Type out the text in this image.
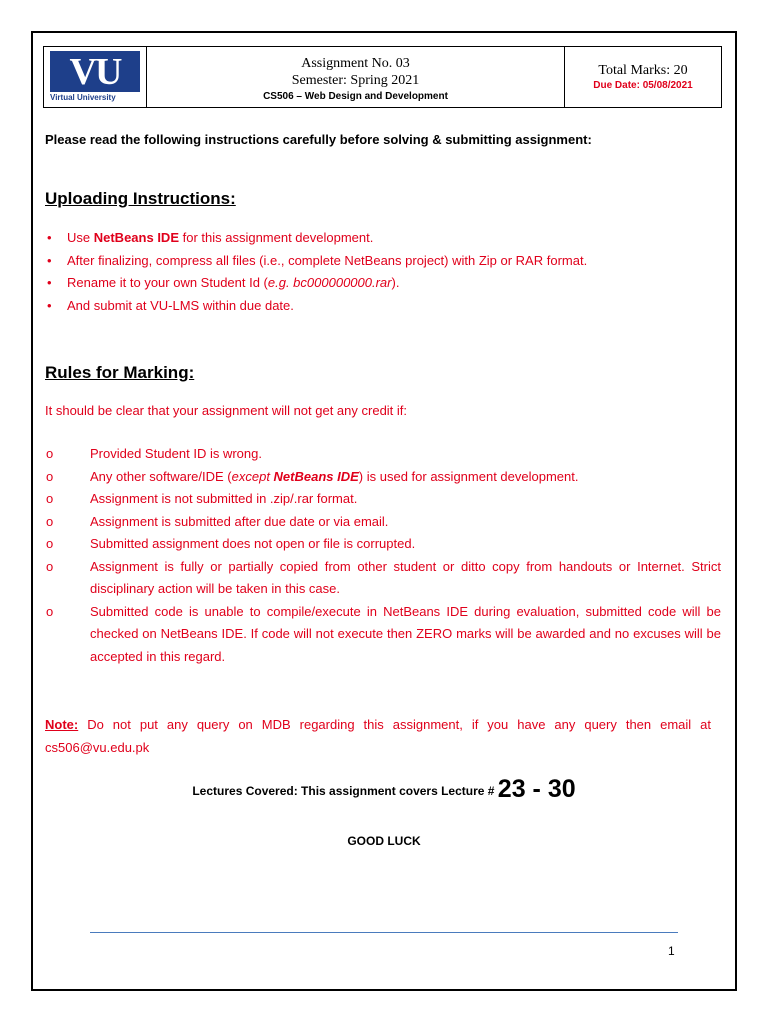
VU
Virtual University
Assignment No. 03
Semester: Spring 2021
CS506 – Web Design and Development
Total Marks: 20
Due Date: 05/08/2021
Please read the following instructions carefully before solving & submitting assignment:
Uploading Instructions:
• Use NetBeans IDE for this assignment development.
• After finalizing, compress all files (i.e., complete NetBeans project) with Zip or RAR format.
• Rename it to your own Student Id (e.g. bc000000000.rar).
• And submit at VU-LMS within due date.
Rules for Marking:
It should be clear that your assignment will not get any credit if:
o	Provided Student ID is wrong.
o	Any other software/IDE (except NetBeans IDE) is used for assignment development.
o	Assignment is not submitted in .zip/.rar format.
o	Assignment is submitted after due date or via email.
o	Submitted assignment does not open or file is corrupted.
o	Assignment is fully or partially copied from other student or ditto copy from handouts or Internet. Strict disciplinary action will be taken in this case.
o	Submitted code is unable to compile/execute in NetBeans IDE during evaluation, submitted code will be checked on NetBeans IDE. If code will not execute then ZERO marks will be awarded and no excuses will be accepted in this regard.
Note: Do not put any query on MDB regarding this assignment, if you have any query then email at cs506@vu.edu.pk
Lectures Covered: This assignment covers Lecture # 23 - 30
GOOD LUCK
1
